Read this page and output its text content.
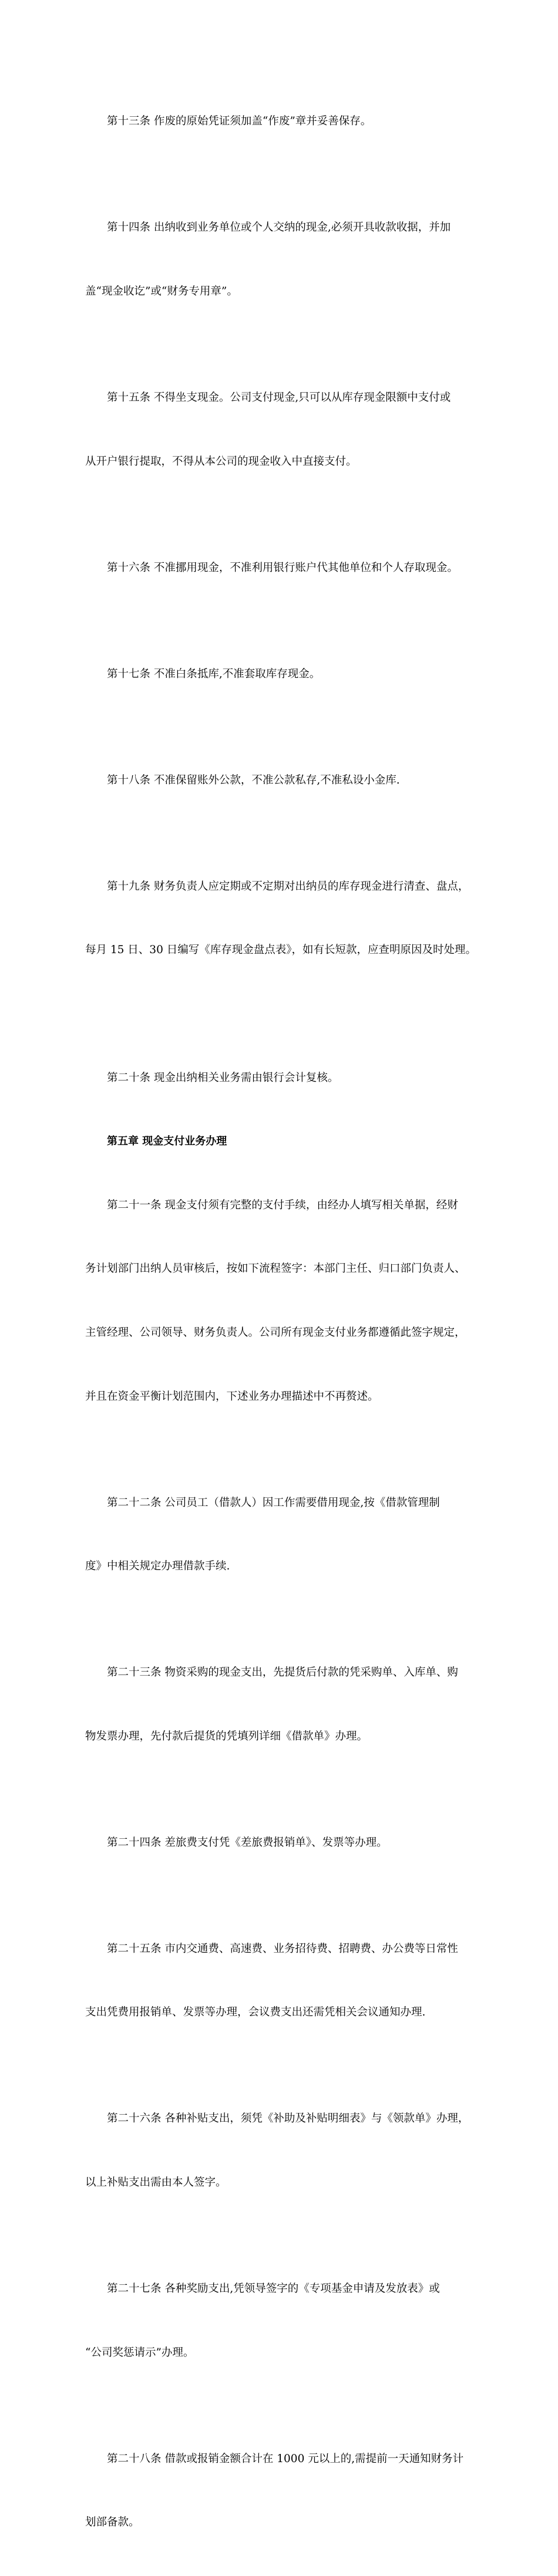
第十三条 作废的原始凭证须加盖“作废”章并妥善保存。

第十四条 出纳收到业务单位或个人交纳的现金,必须开具收款收据，并加

盖“现金收讫”或“财务专用章”。

第十五条 不得坐支现金。公司支付现金,只可以从库存现金限额中支付或

从开户银行提取，不得从本公司的现金收入中直接支付。

第十六条 不准挪用现金，不准利用银行账户代其他单位和个人存取现金。

第十七条 不准白条抵库,不准套取库存现金。

第十八条 不准保留账外公款，不准公款私存,不准私设小金库.

第十九条 财务负责人应定期或不定期对出纳员的库存现金进行清查、盘点，

每月 15 日、30 日编写《库存现金盘点表》，如有长短款，应查明原因及时处理。

第二十条 现金出纳相关业务需由银行会计复核。

第五章 现金支付业务办理

第二十一条 现金支付须有完整的支付手续，由经办人填写相关单据，经财

务计划部门出纳人员审核后，按如下流程签字：本部门主任、归口部门负责人、

主管经理、公司领导、财务负责人。公司所有现金支付业务都遵循此签字规定，

并且在资金平衡计划范围内，下述业务办理描述中不再赘述。

第二十二条 公司员工（借款人）因工作需要借用现金,按《借款管理制

度》中相关规定办理借款手续.

第二十三条 物资采购的现金支出，先提货后付款的凭采购单、入库单、购

物发票办理，先付款后提货的凭填列详细《借款单》办理。

第二十四条 差旅费支付凭《差旅费报销单》、发票等办理。

第二十五条 市内交通费、高速费、业务招待费、招聘费、办公费等日常性

支出凭费用报销单、发票等办理，会议费支出还需凭相关会议通知办理.

第二十六条 各种补贴支出，须凭《补助及补贴明细表》与《领款单》办理，

以上补贴支出需由本人签字。

第二十七条 各种奖励支出,凭领导签字的《专项基金申请及发放表》或

“公司奖惩请示”办理。

第二十八条 借款或报销金额合计在 1000 元以上的,需提前一天通知财务计

划部备款。
